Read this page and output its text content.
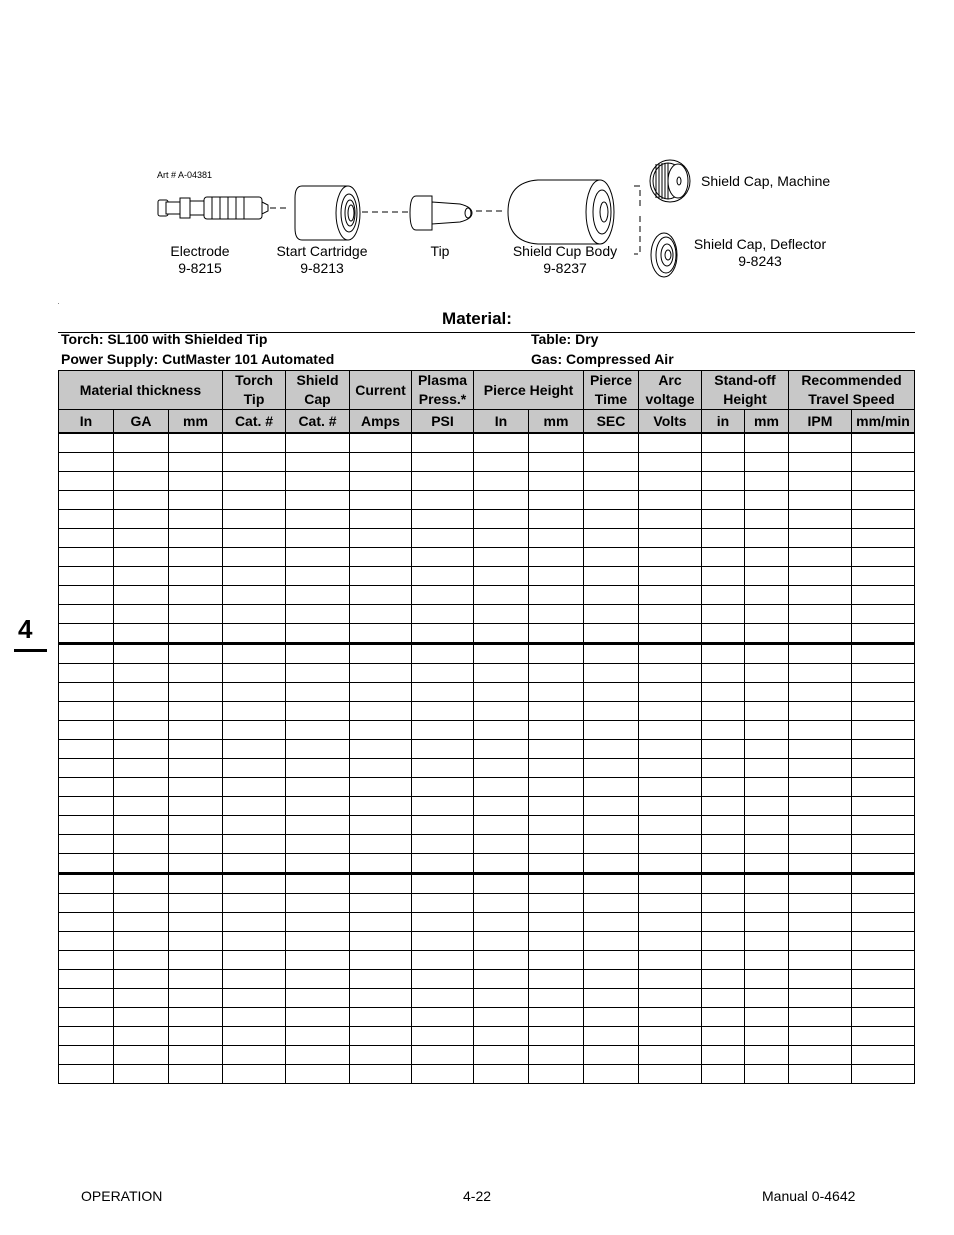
Art # A-04381
Electrode
9-8215
Start Cartridge
9-8213
Tip	Shield Cup Body
9-8237
Shield Cap, Machine
Shield Cap, Deflector
9-8243
Material:
Torch: SL100 with Shielded Tip	Table: Dry
Power Supply: CutMaster 101 Automated	Gas: Compressed Air
Material thickness			Torch Tip	Shield Cap	Current	Plasma Press.*	Pierce Height		Pierce Time	Arc voltage	Stand-off Height		Recommended Travel Speed	
In	GA	mm	Cat. #	Cat. #	Amps	PSI	In	mm	SEC	Volts	in	mm	IPM	mm/min

4
OPERATION	4-22	Manual 0-4642
